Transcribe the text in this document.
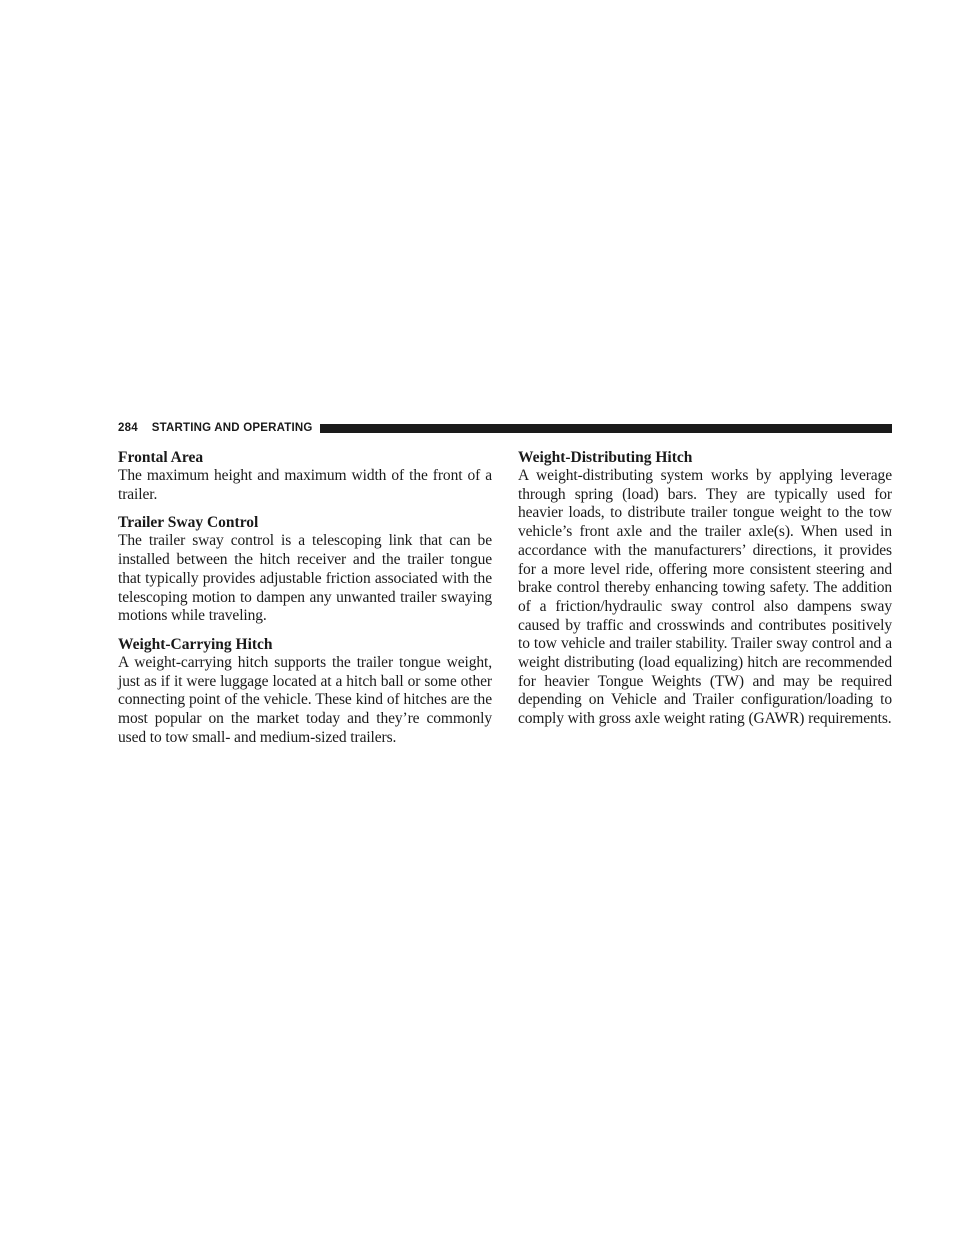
284 STARTING AND OPERATING
Frontal Area

The maximum height and maximum width of the front of a trailer.

Trailer Sway Control

The trailer sway control is a telescoping link that can be installed between the hitch receiver and the trailer tongue that typically provides adjustable friction associated with the telescoping motion to dampen any unwanted trailer swaying motions while traveling.

Weight-Carrying Hitch

A weight-carrying hitch supports the trailer tongue weight, just as if it were luggage located at a hitch ball or some other connecting point of the vehicle. These kind of hitches are the most popular on the market today and they’re commonly used to tow small- and medium-sized trailers.

Weight-Distributing Hitch

A weight-distributing system works by applying leverage through spring (load) bars. They are typically used for heavier loads, to distribute trailer tongue weight to the tow vehicle’s front axle and the trailer axle(s). When used in accordance with the manufacturers’ directions, it provides for a more level ride, offering more consistent steering and brake control thereby enhancing towing safety. The addition of a friction/hydraulic sway control also dampens sway caused by traffic and crosswinds and contributes positively to tow vehicle and trailer stability. Trailer sway control and a weight distributing (load equalizing) hitch are recommended for heavier Tongue Weights (TW) and may be required depending on Vehicle and Trailer configuration/loading to comply with gross axle weight rating (GAWR) requirements.
